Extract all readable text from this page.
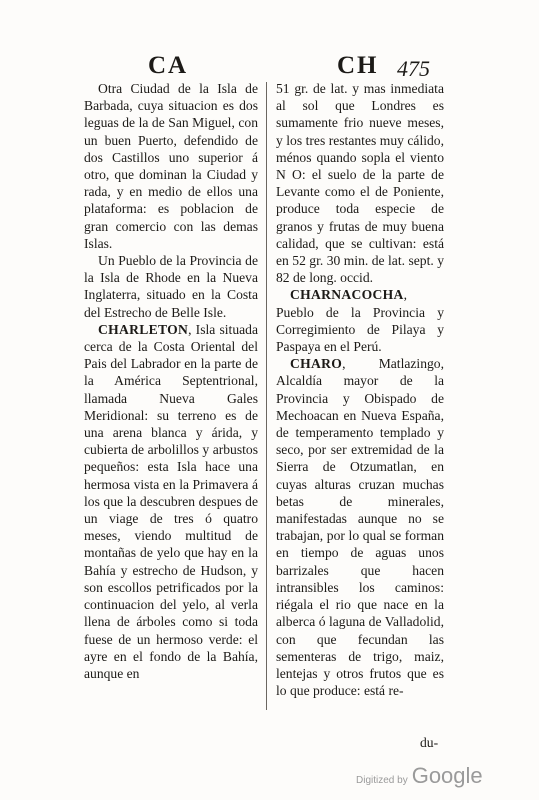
CA	CH 475

Otra Ciudad de la Isla de Barbada, cuya situacion es dos leguas de la de San Miguel, con un buen Puerto, defendido de dos Castillos uno superior á otro, que dominan la Ciudad y rada, y en medio de ellos una plataforma: es poblacion de gran comercio con las demas Islas.

Un Pueblo de la Provincia de la Isla de Rhode en la Nueva Inglaterra, situado en la Costa del Estrecho de Belle Isle.

CHARLETON, Isla situada cerca de la Costa Oriental del Pais del Labrador en la parte de la América Septentrional, llamada Nueva Gales Meridional: su terreno es de una arena blanca y árida, y cubierta de arbolillos y arbustos pequeños: esta Isla hace una hermosa vista en la Primavera á los que la descubren despues de un viage de tres ó quatro meses, viendo multitud de montañas de yelo que hay en la Bahía y estrecho de Hudson, y son escollos petrificados por la continuacion del yelo, al verla llena de árboles como si toda fuese de un hermoso verde: el ayre en el fondo de la Bahía, aunque en

51 gr. de lat. y mas inmediata al sol que Londres es sumamente frio nueve meses, y los tres restantes muy cálido, ménos quando sopla el viento N O: el suelo de la parte de Levante como el de Poniente, produce toda especie de granos y frutas de muy buena calidad, que se cultivan: está en 52 gr. 30 min. de lat. sept. y 82 de long. occid.

CHARNACOCHA, Pueblo de la Provincia y Corregimiento de Pilaya y Paspaya en el Perú.

CHARO, Matlazingo, Alcaldía mayor de la Provincia y Obispado de Mechoacan en Nueva España, de temperamento templado y seco, por ser extremidad de la Sierra de Otzumatlan, en cuyas alturas cruzan muchas betas de minerales, manifestadas aunque no se trabajan, por lo qual se forman en tiempo de aguas unos barrizales que hacen intransibles los caminos: riégala el rio que nace en la alberca ó laguna de Valladolid, con que fecundan las sementeras de trigo, maiz, lentejas y otros frutos que es lo que produce: está re-

du-
Digitized by Google
